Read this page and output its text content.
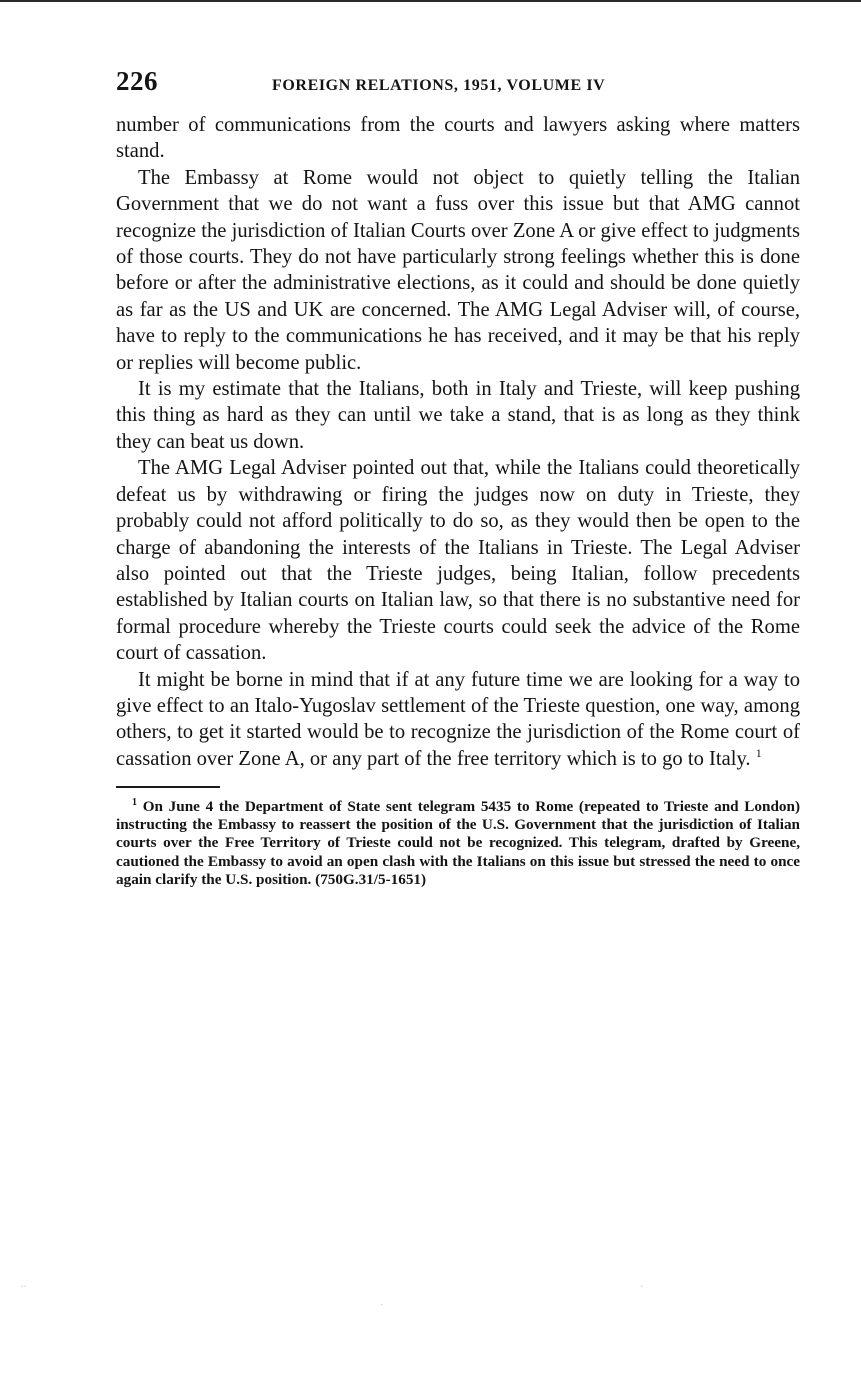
226	FOREIGN RELATIONS, 1951, VOLUME IV

number of communications from the courts and lawyers asking where matters stand.

The Embassy at Rome would not object to quietly telling the Italian Government that we do not want a fuss over this issue but that AMG cannot recognize the jurisdiction of Italian Courts over Zone A or give effect to judgments of those courts. They do not have particularly strong feelings whether this is done before or after the administrative elections, as it could and should be done quietly as far as the US and UK are concerned. The AMG Legal Adviser will, of course, have to reply to the communications he has received, and it may be that his reply or replies will become public.

It is my estimate that the Italians, both in Italy and Trieste, will keep pushing this thing as hard as they can until we take a stand, that is as long as they think they can beat us down.

The AMG Legal Adviser pointed out that, while the Italians could theoretically defeat us by withdrawing or firing the judges now on duty in Trieste, they probably could not afford politically to do so, as they would then be open to the charge of abandoning the interests of the Italians in Trieste. The Legal Adviser also pointed out that the Trieste judges, being Italian, follow precedents established by Italian courts on Italian law, so that there is no substantive need for formal procedure whereby the Trieste courts could seek the advice of the Rome court of cassation.

It might be borne in mind that if at any future time we are looking for a way to give effect to an Italo-Yugoslav settlement of the Trieste question, one way, among others, to get it started would be to recognize the jurisdiction of the Rome court of cassation over Zone A, or any part of the free territory which is to go to Italy. $^1$

$^1$ On June 4 the Department of State sent telegram 5435 to Rome (repeated to Trieste and London) instructing the Embassy to reassert the position of the U.S. Government that the jurisdiction of Italian courts over the Free Territory of Trieste could not be recognized. This telegram, drafted by Greene, cautioned the Embassy to avoid an open clash with the Italians on this issue but stressed the need to once again clarify the U.S. position. (750G.31/5-1651)

··	·
·
